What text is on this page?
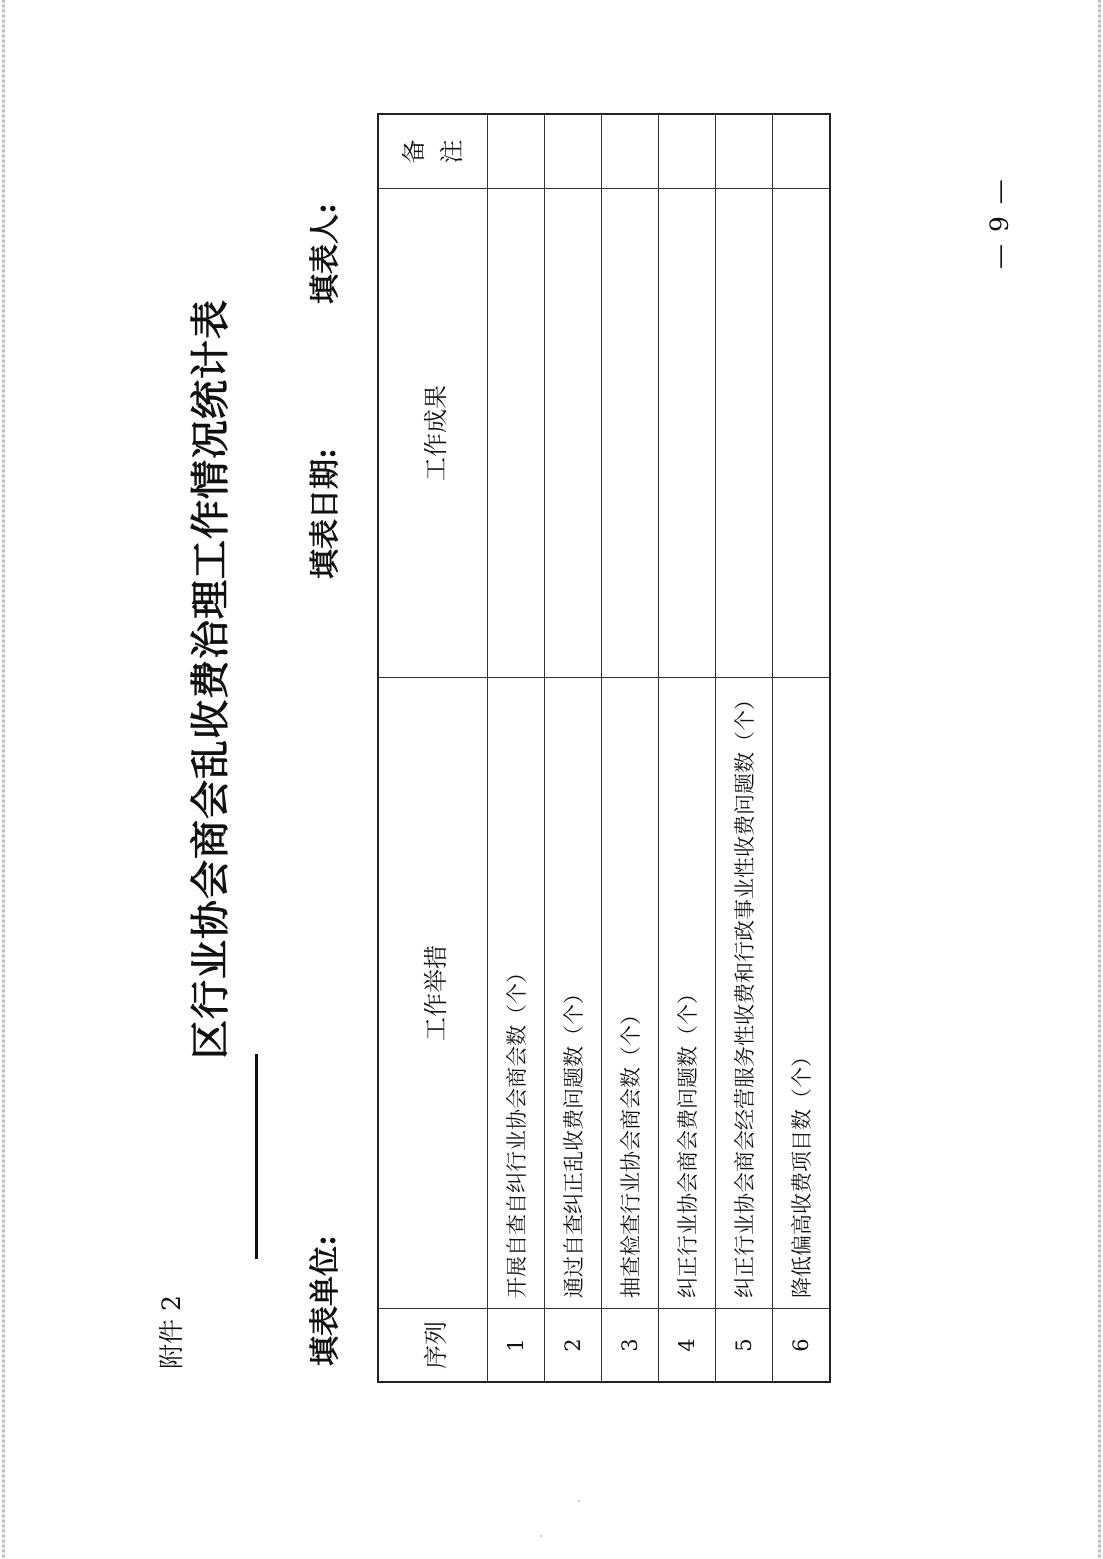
附件 2
区行业协会商会乱收费治理工作情况统计表
填表单位:
填表日期:
填表人:
序列	工作举措	工作成果	备 注

1	开展自查自纠行业协会商会数（个）		
2	通过自查纠正乱收费问题数（个）		
3	抽查检查行业协会商会数（个）		
4	纠正行业协会商会费问题数（个）		
5	纠正行业协会商会经营服务性收费和行政事业性收费问题数（个）		
6	降低偏高收费项目数（个）		
— 9 —
